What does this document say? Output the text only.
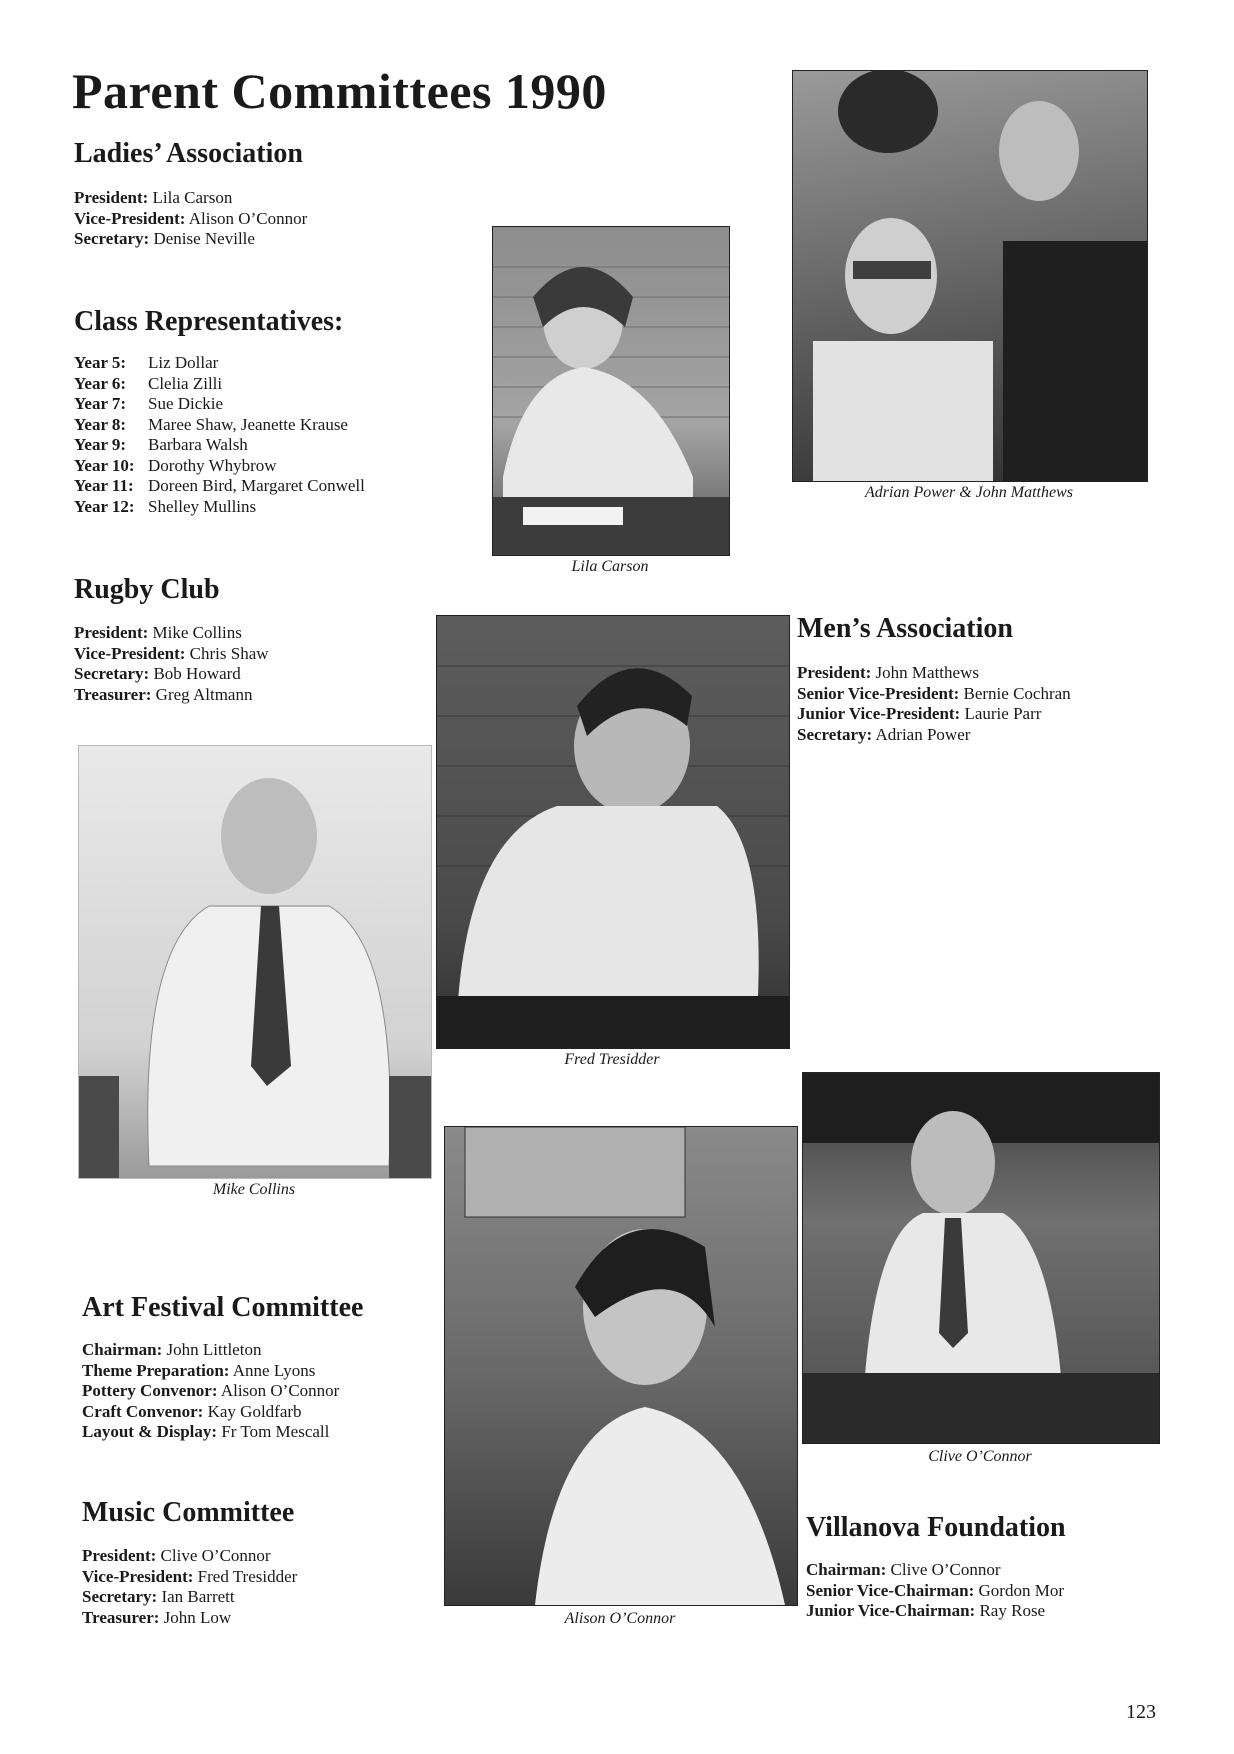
Parent Committees 1990
Ladies’ Association
President: Lila Carson
Vice-President: Alison O’Connor
Secretary: Denise Neville
Class Representatives:
Year 5:	Liz Dollar
Year 6:	Clelia Zilli
Year 7:	Sue Dickie
Year 8:	Maree Shaw, Jeanette Krause
Year 9:	Barbara Walsh
Year 10: Dorothy Whybrow
Year 11: Doreen Bird, Margaret Conwell
Year 12: Shelley Mullins
Rugby Club
President: Mike Collins
Vice-President: Chris Shaw
Secretary: Bob Howard
Treasurer: Greg Altmann
Men’s Association
President: John Matthews
Senior Vice-President: Bernie Cochran
Junior Vice-President: Laurie Parr
Secretary: Adrian Power
Art Festival Committee
Chairman: John Littleton
Theme Preparation: Anne Lyons
Pottery Convenor: Alison O’Connor
Craft Convenor: Kay Goldfarb
Layout & Display: Fr Tom Mescall
Music Committee
President: Clive O’Connor
Vice-President: Fred Tresidder
Secretary: Ian Barrett
Treasurer: John Low
Villanova Foundation
Chairman: Clive O’Connor
Senior Vice-Chairman: Gordon Mor
Junior Vice-Chairman: Ray Rose
Adrian Power & John Matthews
Lila Carson
Fred Tresidder
Mike Collins
Clive O’Connor
Alison O’Connor
123
